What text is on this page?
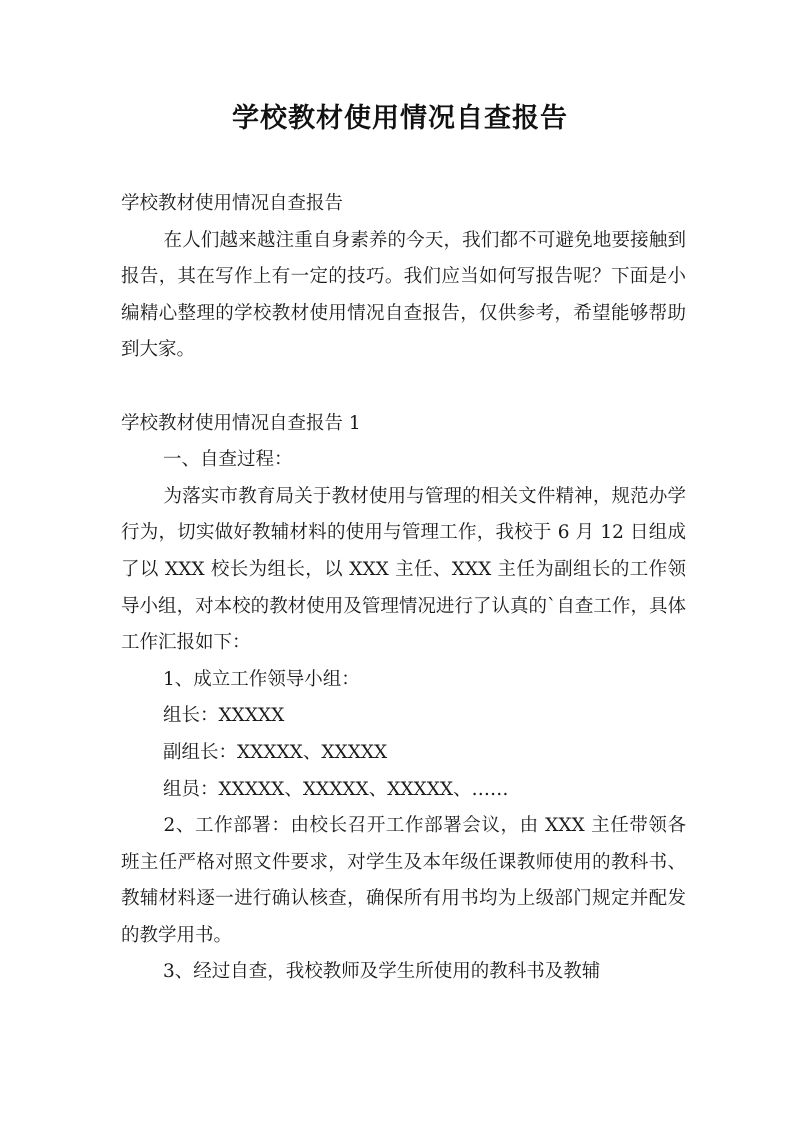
学校教材使用情况自查报告
学校教材使用情况自查报告
在人们越来越注重自身素养的今天，我们都不可避免地要接触到报告，其在写作上有一定的技巧。我们应当如何写报告呢？下面是小编精心整理的学校教材使用情况自查报告，仅供参考，希望能够帮助到大家。
学校教材使用情况自查报告 1
一、自查过程：
为落实市教育局关于教材使用与管理的相关文件精神，规范办学行为，切实做好教辅材料的使用与管理工作，我校于 6 月 12 日组成了以 XXX 校长为组长，以 XXX 主任、XXX 主任为副组长的工作领导小组，对本校的教材使用及管理情况进行了认真的`自查工作，具体工作汇报如下：
1、成立工作领导小组：
组长：XXXXX
副组长：XXXXX、XXXXX
组员：XXXXX、XXXXX、XXXXX、……
2、工作部署：由校长召开工作部署会议，由 XXX 主任带领各班主任严格对照文件要求，对学生及本年级任课教师使用的教科书、教辅材料逐一进行确认核查，确保所有用书均为上级部门规定并配发的教学用书。
3、经过自查，我校教师及学生所使用的教科书及教辅
